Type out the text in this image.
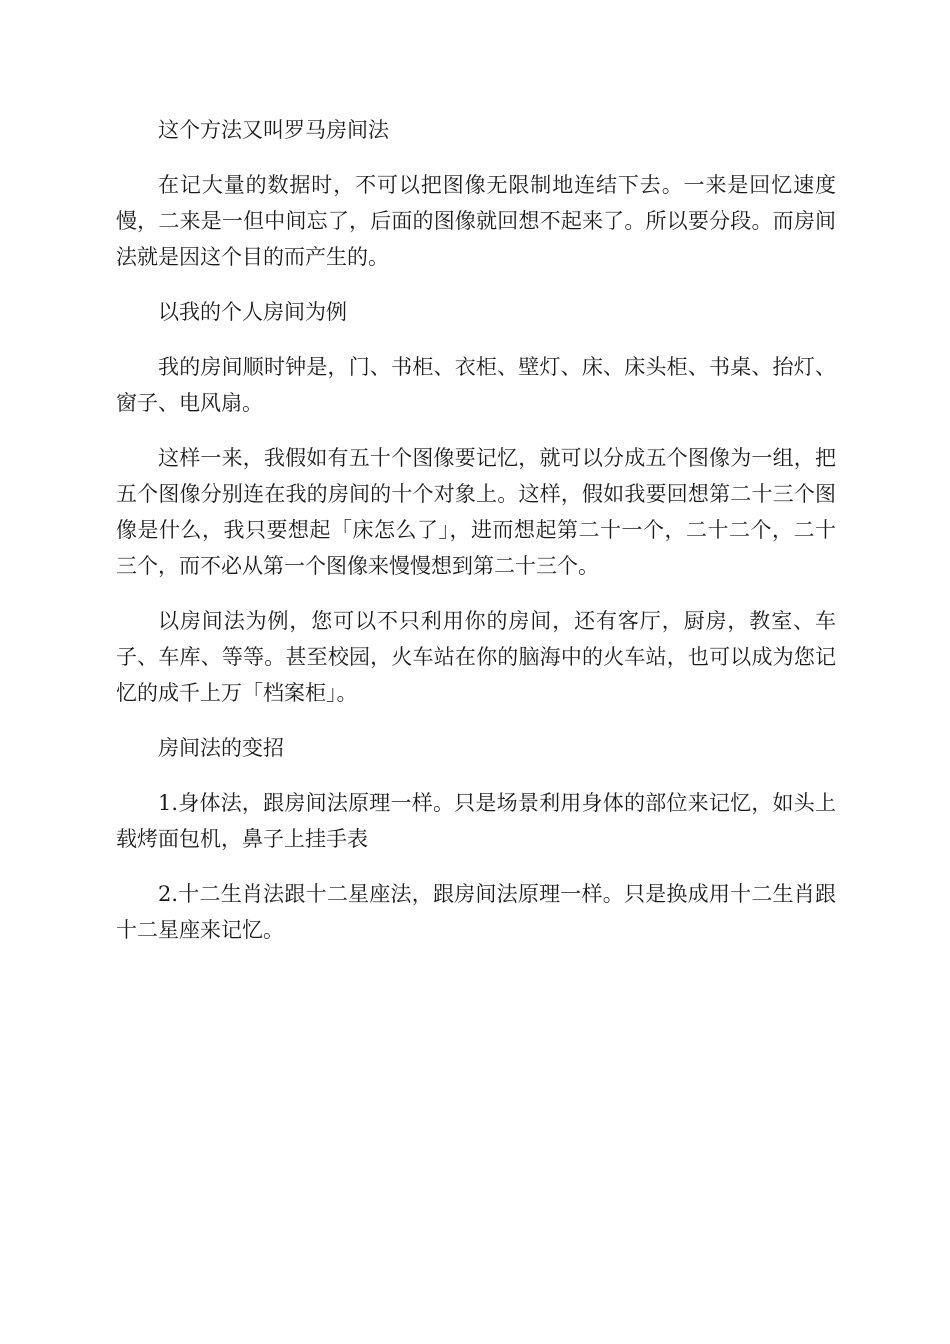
这个方法又叫罗马房间法

在记大量的数据时，不可以把图像无限制地连结下去。一来是回忆速度慢，二来是一但中间忘了，后面的图像就回想不起来了。所以要分段。而房间法就是因这个目的而产生的。

以我的个人房间为例

我的房间顺时钟是，门、书柜、衣柜、壁灯、床、床头柜、书桌、抬灯、窗子、电风扇。

这样一来，我假如有五十个图像要记忆，就可以分成五个图像为一组，把五个图像分别连在我的房间的十个对象上。这样，假如我要回想第二十三个图像是什么，我只要想起「床怎么了」，进而想起第二十一个，二十二个，二十三个，而不必从第一个图像来慢慢想到第二十三个。

以房间法为例，您可以不只利用你的房间，还有客厅，厨房，教室、车子、车库、等等。甚至校园，火车站在你的脑海中的火车站，也可以成为您记忆的成千上万「档案柜」。

房间法的变招

1.身体法，跟房间法原理一样。只是场景利用身体的部位来记忆，如头上载烤面包机，鼻子上挂手表

2.十二生肖法跟十二星座法，跟房间法原理一样。只是换成用十二生肖跟十二星座来记忆。
